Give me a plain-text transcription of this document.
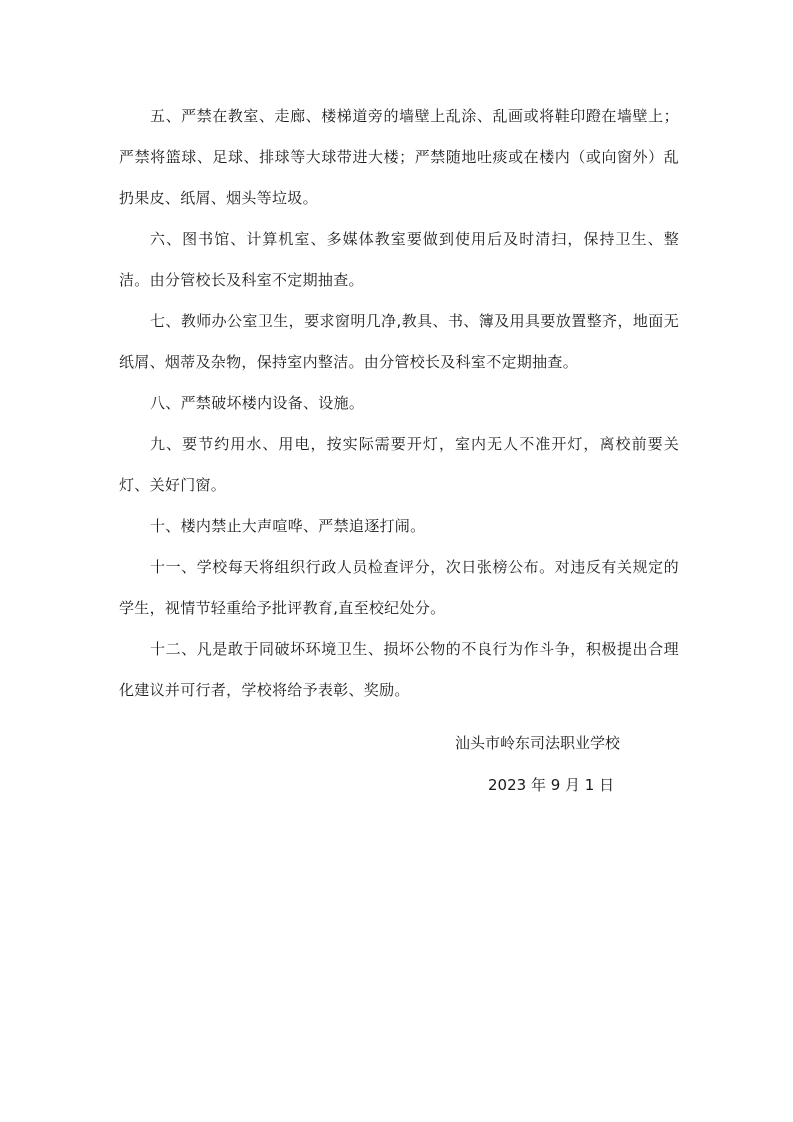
五、严禁在教室、走廊、楼梯道旁的墙壁上乱涂、乱画或将鞋印蹬在墙壁上；严禁将篮球、足球、排球等大球带进大楼；严禁随地吐痰或在楼内（或向窗外）乱扔果皮、纸屑、烟头等垃圾。

六、图书馆、计算机室、多媒体教室要做到使用后及时清扫，保持卫生、整洁。由分管校长及科室不定期抽查。

七、教师办公室卫生，要求窗明几净,教具、书、簿及用具要放置整齐，地面无纸屑、烟蒂及杂物，保持室内整洁。由分管校长及科室不定期抽查。

八、严禁破坏楼内设备、设施。

九、要节约用水、用电，按实际需要开灯，室内无人不准开灯，离校前要关灯、关好门窗。

十、楼内禁止大声喧哗、严禁追逐打闹。

十一、学校每天将组织行政人员检查评分，次日张榜公布。对违反有关规定的学生，视情节轻重给予批评教育,直至校纪处分。

十二、凡是敢于同破坏环境卫生、损坏公物的不良行为作斗争，积极提出合理化建议并可行者，学校将给予表彰、奖励。

汕头市岭东司法职业学校
2023 年 9 月 1 日
